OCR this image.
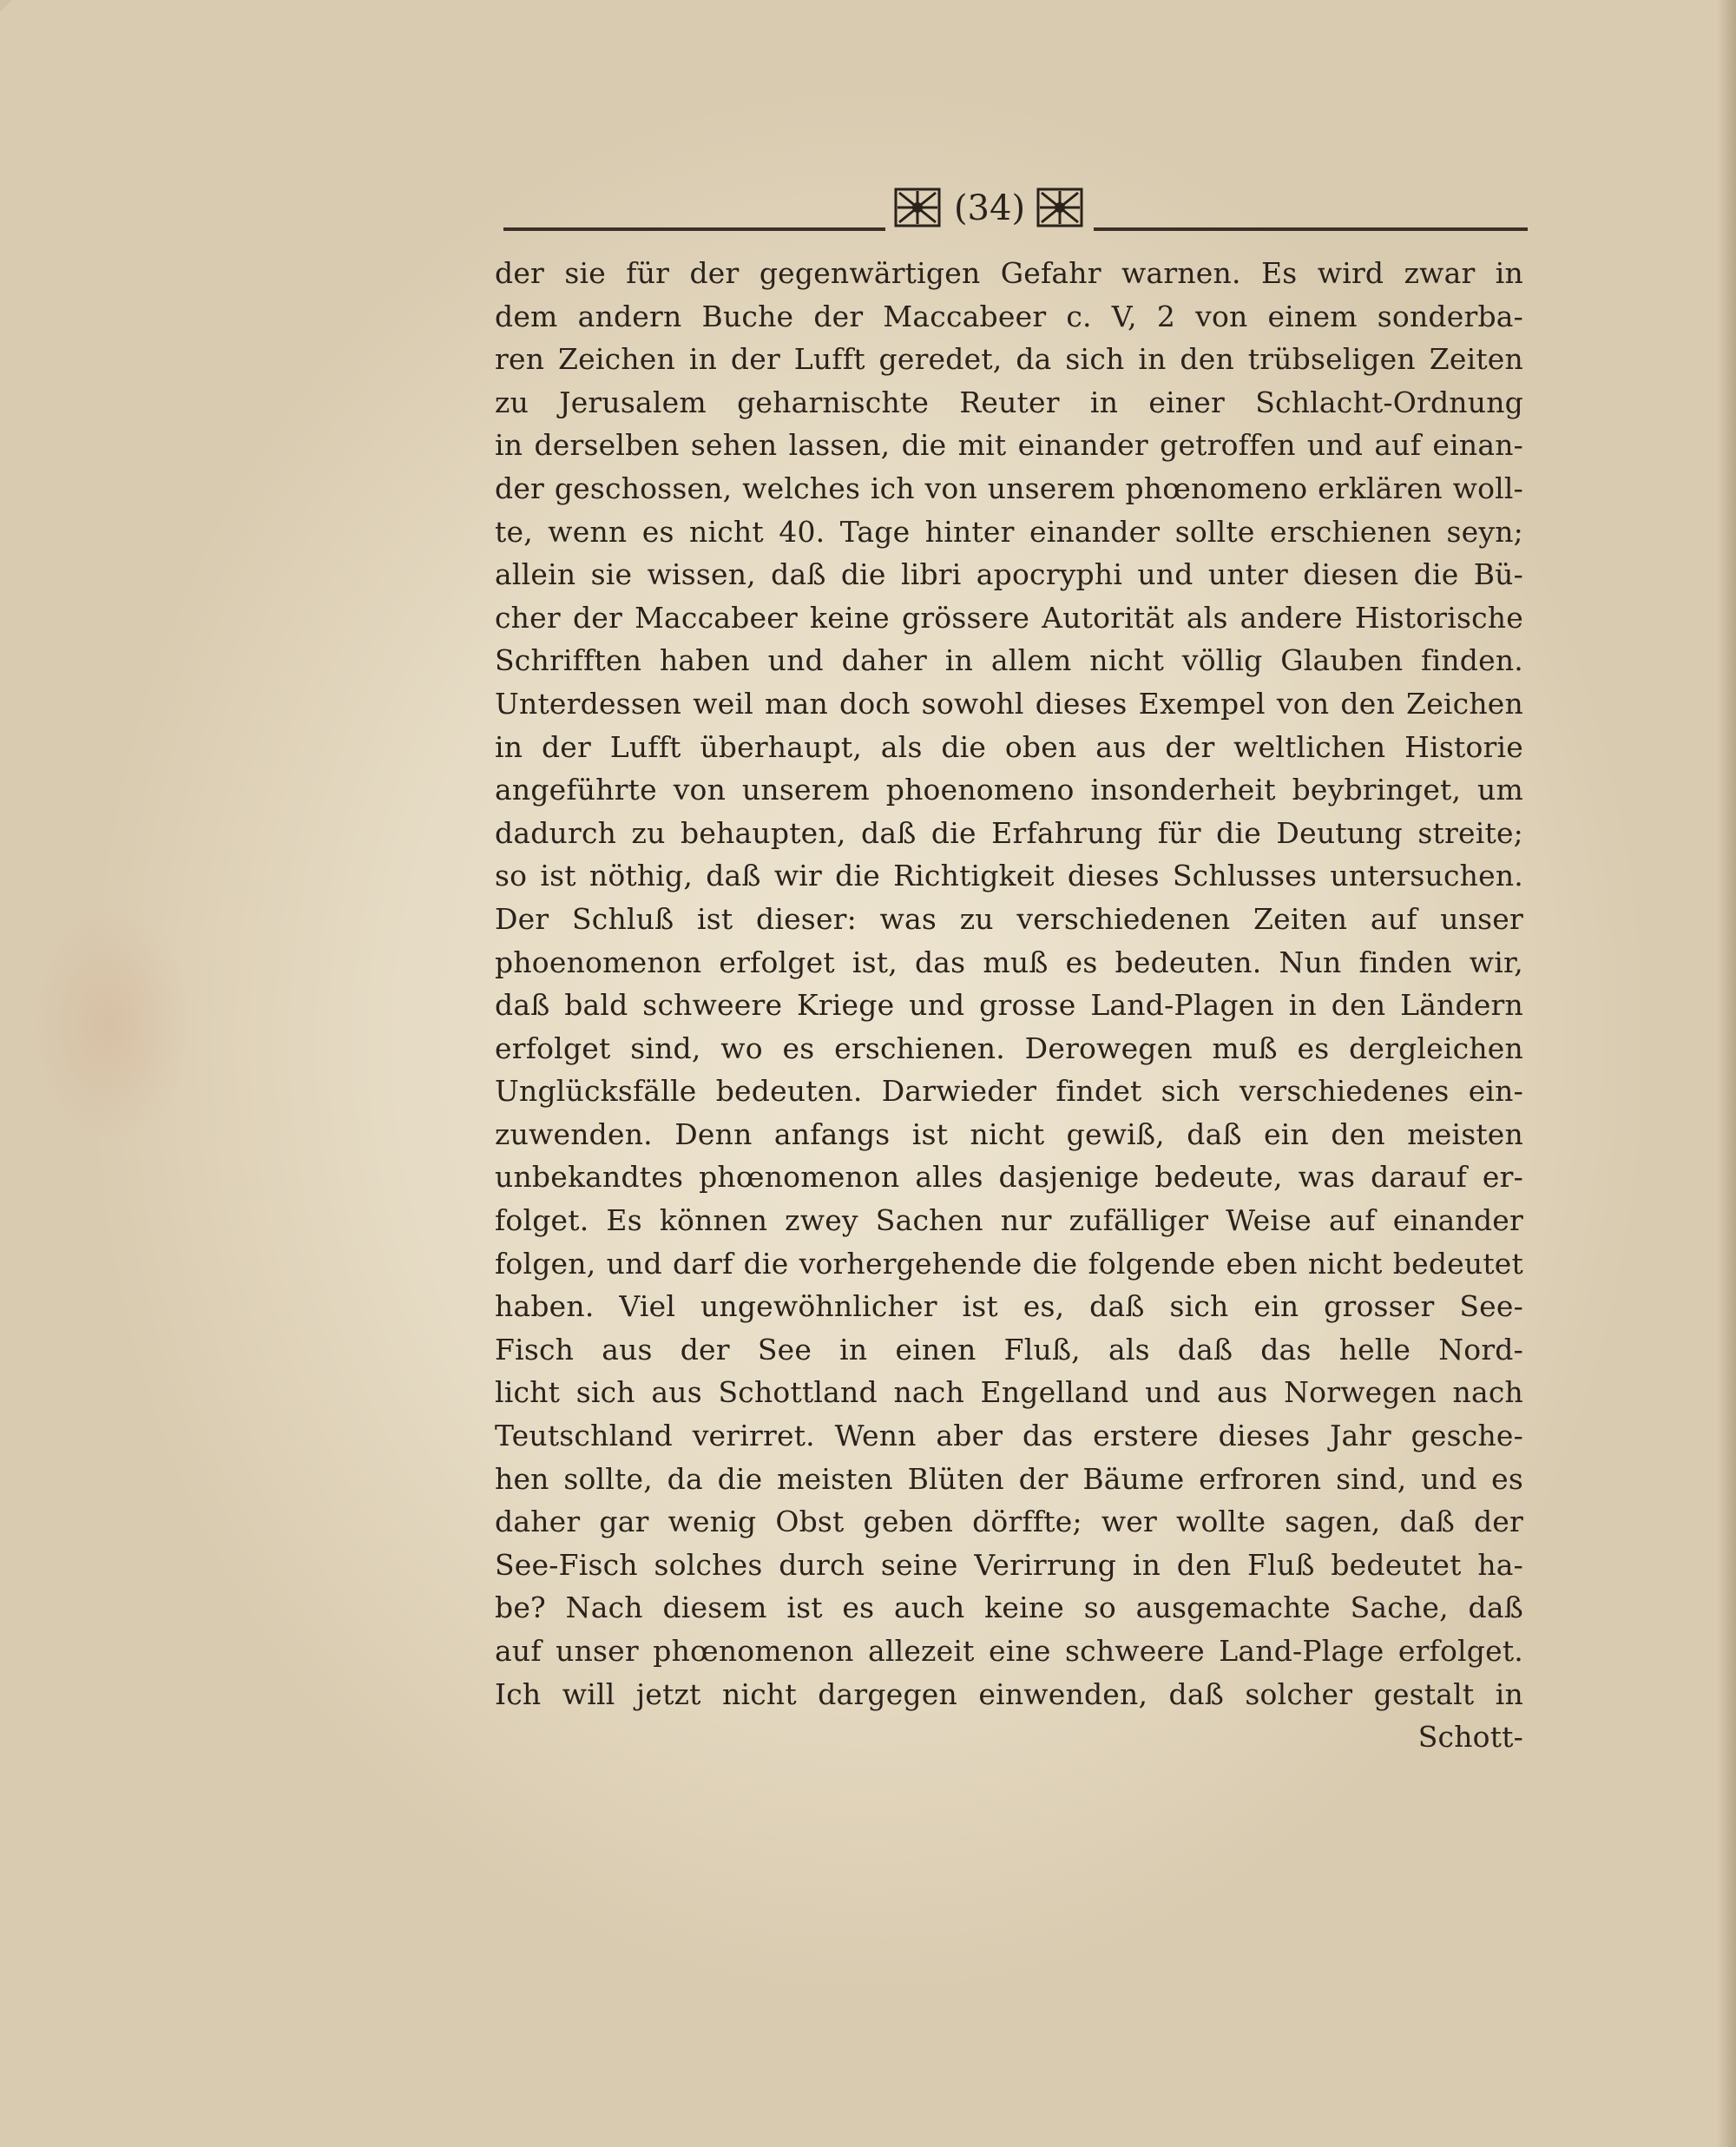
(34)
der sie für der gegenwärtigen Gefahr warnen. Es wird zwar in
dem andern Buche der Maccabeer c. V, 2 von einem sonderba-
ren Zeichen in der Lufft geredet, da sich in den trübseligen Zeiten
zu Jerusalem geharnischte Reuter in einer Schlacht-Ordnung
in derselben sehen lassen, die mit einander getroffen und auf einan-
der geschossen, welches ich von unserem phœnomeno erklären woll-
te, wenn es nicht 40. Tage hinter einander sollte erschienen seyn;
allein sie wissen, daß die libri apocryphi und unter diesen die Bü-
cher der Maccabeer keine grössere Autorität als andere Historische
Schrifften haben und daher in allem nicht völlig Glauben finden.
Unterdessen weil man doch sowohl dieses Exempel von den Zeichen
in der Lufft überhaupt, als die oben aus der weltlichen Historie
angeführte von unserem phoenomeno insonderheit beybringet, um
dadurch zu behaupten, daß die Erfahrung für die Deutung streite;
so ist nöthig, daß wir die Richtigkeit dieses Schlusses untersuchen.
Der Schluß ist dieser: was zu verschiedenen Zeiten auf unser
phoenomenon erfolget ist, das muß es bedeuten. Nun finden wir,
daß bald schweere Kriege und grosse Land-Plagen in den Ländern
erfolget sind, wo es erschienen. Derowegen muß es dergleichen
Unglücksfälle bedeuten. Darwieder findet sich verschiedenes ein-
zuwenden. Denn anfangs ist nicht gewiß, daß ein den meisten
unbekandtes phœnomenon alles dasjenige bedeute, was darauf er-
folget. Es können zwey Sachen nur zufälliger Weise auf einander
folgen, und darf die vorhergehende die folgende eben nicht bedeutet
haben. Viel ungewöhnlicher ist es, daß sich ein grosser See-
Fisch aus der See in einen Fluß, als daß das helle Nord-
licht sich aus Schottland nach Engelland und aus Norwegen nach
Teutschland verirret. Wenn aber das erstere dieses Jahr gesche-
hen sollte, da die meisten Blüten der Bäume erfroren sind, und es
daher gar wenig Obst geben dörffte; wer wollte sagen, daß der
See-Fisch solches durch seine Verirrung in den Fluß bedeutet ha-
be? Nach diesem ist es auch keine so ausgemachte Sache, daß
auf unser phœnomenon allezeit eine schweere Land-Plage erfolget.
Ich will jetzt nicht dargegen einwenden, daß solcher gestalt in
Schott-
